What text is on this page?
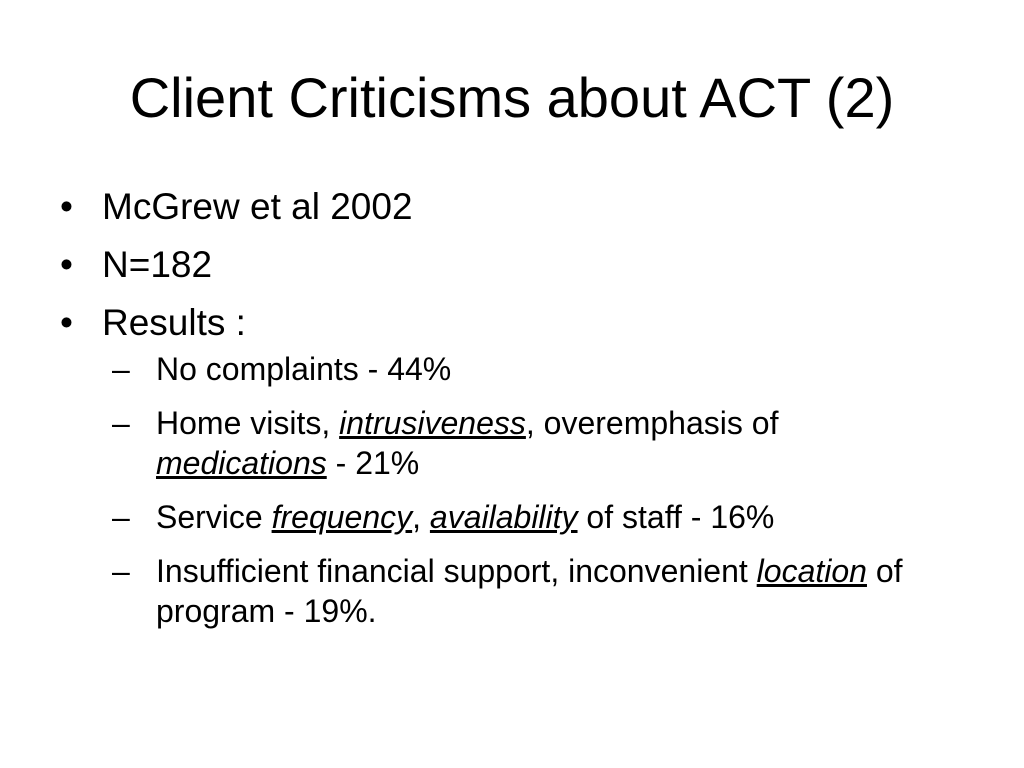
Client Criticisms about ACT (2)
• McGrew et al 2002
• N=182
• Results :
– No complaints - 44%
– Home visits, intrusiveness, overemphasis of medications - 21%
– Service frequency, availability of staff - 16%
– Insufficient financial support, inconvenient location of program - 19%.
